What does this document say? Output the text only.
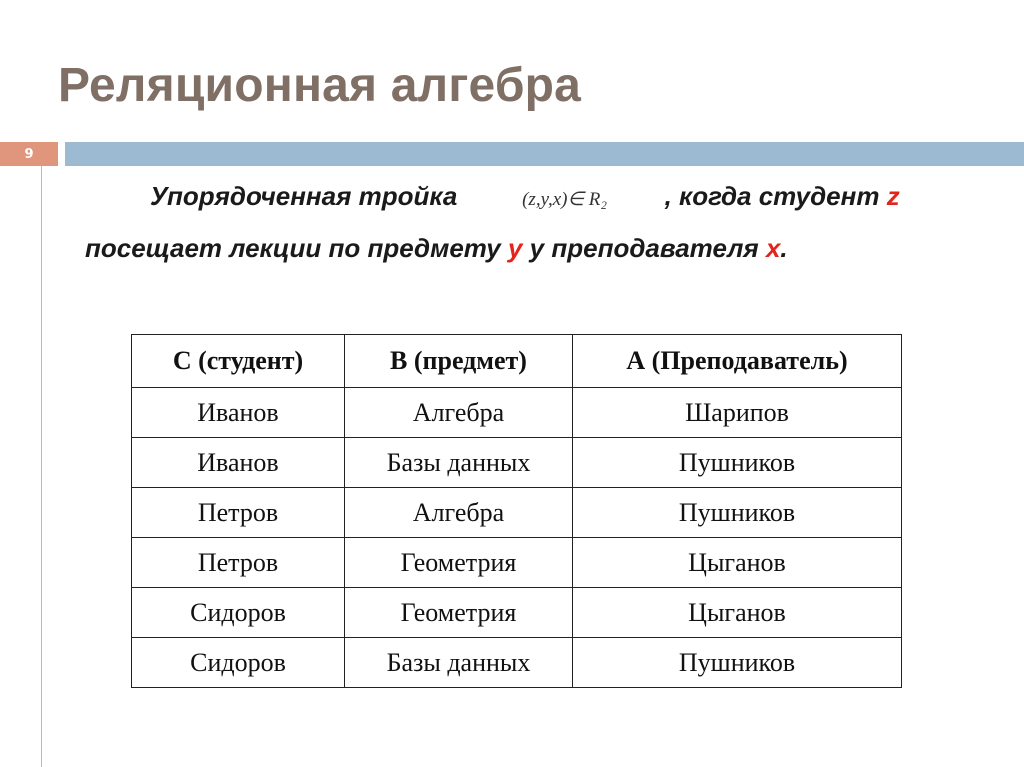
Реляционная алгебра
9
Упорядоченная тройка	(z,y,x)∈ R₂ , когда студент z посещает лекции по предмету y у преподавателя x.
С (студент)	В (предмет)	А (Преподаватель)
Иванов	Алгебра	Шарипов
Иванов	Базы данных	Пушников
Петров	Алгебра	Пушников
Петров	Геометрия	Цыганов
Сидоров	Геометрия	Цыганов
Сидоров	Базы данных	Пушников
